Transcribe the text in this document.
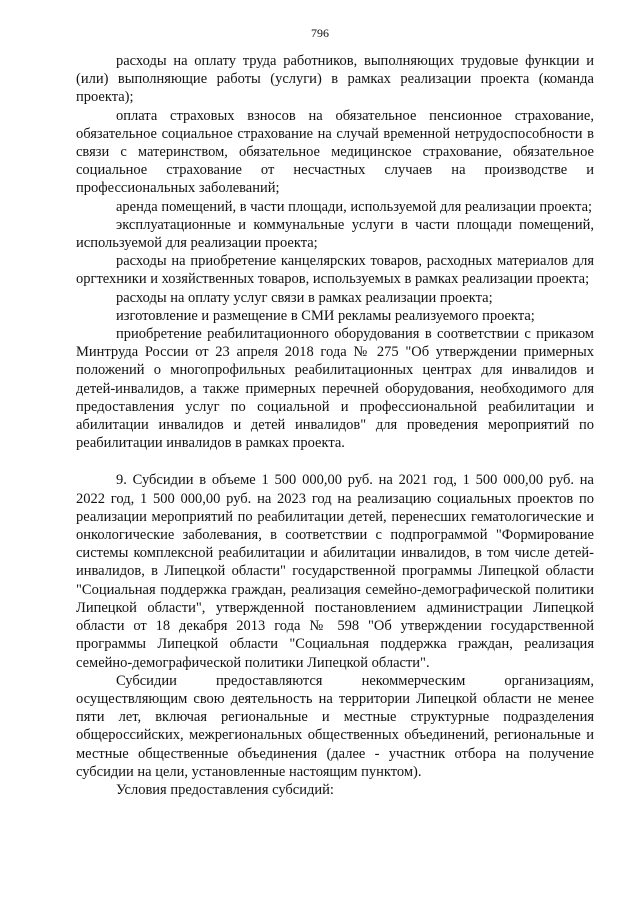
796

расходы на оплату труда работников, выполняющих трудовые функции и (или) выполняющие работы (услуги) в рамках реализации проекта (команда проекта);

оплата страховых взносов на обязательное пенсионное страхование, обязательное социальное страхование на случай временной нетрудоспособности в связи с материнством, обязательное медицинское страхование, обязательное социальное страхование от несчастных случаев на производстве и профессиональных заболеваний;

аренда помещений, в части площади, используемой для реализации проекта;

эксплуатационные и коммунальные услуги в части площади помещений, используемой для реализации проекта;

расходы на приобретение канцелярских товаров, расходных материалов для оргтехники и хозяйственных товаров, используемых в рамках реализации проекта;

расходы на оплату услуг связи в рамках реализации проекта;

изготовление и размещение в СМИ рекламы реализуемого проекта;

приобретение реабилитационного оборудования в соответствии с приказом Минтруда России от 23 апреля 2018 года № 275 "Об утверждении примерных положений о многопрофильных реабилитационных центрах для инвалидов и детей-инвалидов, а также примерных перечней оборудования, необходимого для предоставления услуг по социальной и профессиональной реабилитации и абилитации инвалидов и детей инвалидов" для проведения мероприятий по реабилитации инвалидов в рамках проекта.

9. Субсидии в объеме 1 500 000,00 руб. на 2021 год, 1 500 000,00 руб. на 2022 год, 1 500 000,00 руб. на 2023 год на реализацию социальных проектов по реализации мероприятий по реабилитации детей, перенесших гематологические и онкологические заболевания, в соответствии с подпрограммой "Формирование системы комплексной реабилитации и абилитации инвалидов, в том числе детей-инвалидов, в Липецкой области" государственной программы Липецкой области "Социальная поддержка граждан, реализация семейно-демографической политики Липецкой области", утвержденной постановлением администрации Липецкой области от 18 декабря 2013 года № 598 "Об утверждении государственной программы Липецкой области "Социальная поддержка граждан, реализация семейно-демографической политики Липецкой области".

Субсидии предоставляются некоммерческим организациям, осуществляющим свою деятельность на территории Липецкой области не менее пяти лет, включая региональные и местные структурные подразделения общероссийских, межрегиональных общественных объединений, региональные и местные общественные объединения (далее - участник отбора на получение субсидии на цели, установленные настоящим пунктом).

Условия предоставления субсидий:
